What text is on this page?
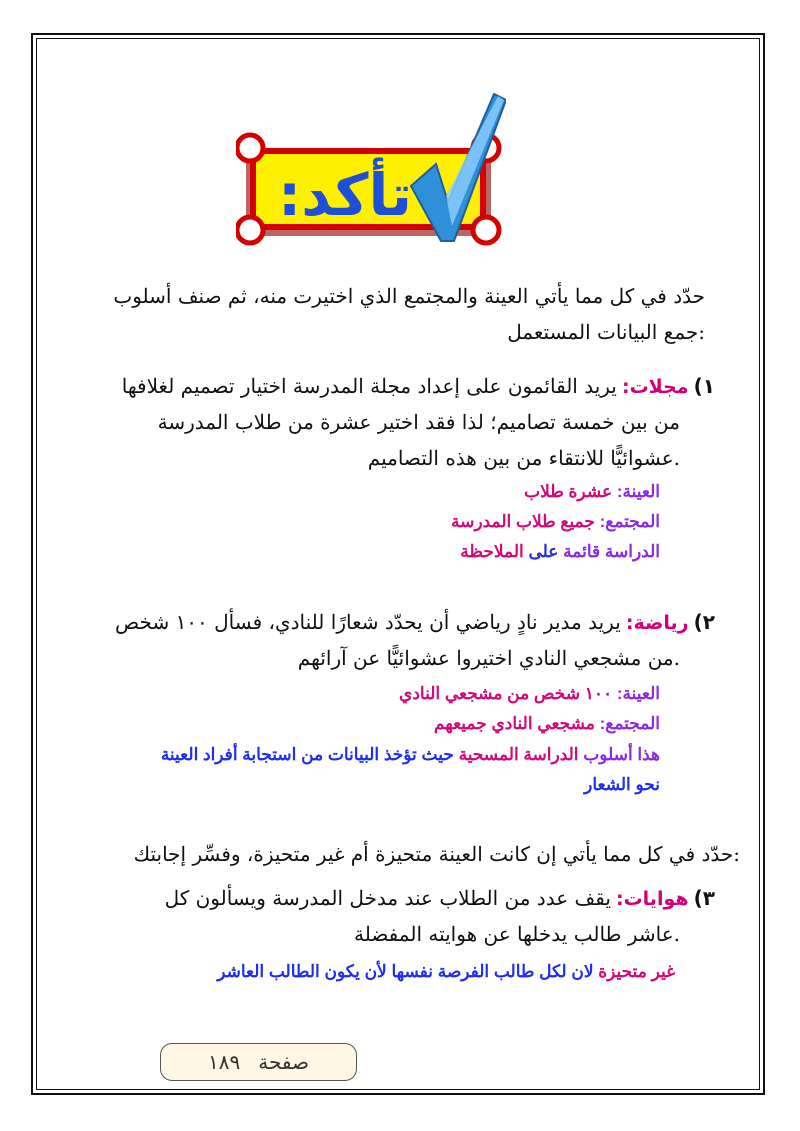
تأكد:
حدّد في كل مما يأتي العينة والمجتمع الذي اختيرت منه، ثم صنف أسلوب
جمع البيانات المستعمل:
١) مجلات: يريد القائمون على إعداد مجلة المدرسة اختيار تصميم لغلافها
من بين خمسة تصاميم؛ لذا فقد اختير عشرة من طلاب المدرسة
عشوائيًّا للانتقاء من بين هذه التصاميم.
العينة: عشرة طلاب
المجتمع: جميع طلاب المدرسة
الدراسة قائمة على الملاحظة
٢) رياضة: يريد مدير نادٍ رياضي أن يحدّد شعارًا للنادي، فسأل ١٠٠ شخص
من مشجعي النادي اختيروا عشوائيًّا عن آرائهم.
العينة: ١٠٠ شخص من مشجعي النادي
المجتمع: مشجعي النادي جميعهم
هذا أسلوب الدراسة المسحية حيث تؤخذ البيانات من استجابة أفراد العينة
نحو الشعار
حدّد في كل مما يأتي إن كانت العينة متحيزة أم غير متحيزة، وفسِّر إجابتك:
٣) هوايات: يقف عدد من الطلاب عند مدخل المدرسة ويسألون كل
عاشر طالب يدخلها عن هوايته المفضلة.
غير متحيزة لان لكل طالب الفرصة نفسها لأن يكون الطالب العاشر
صفحة
١٨٩
